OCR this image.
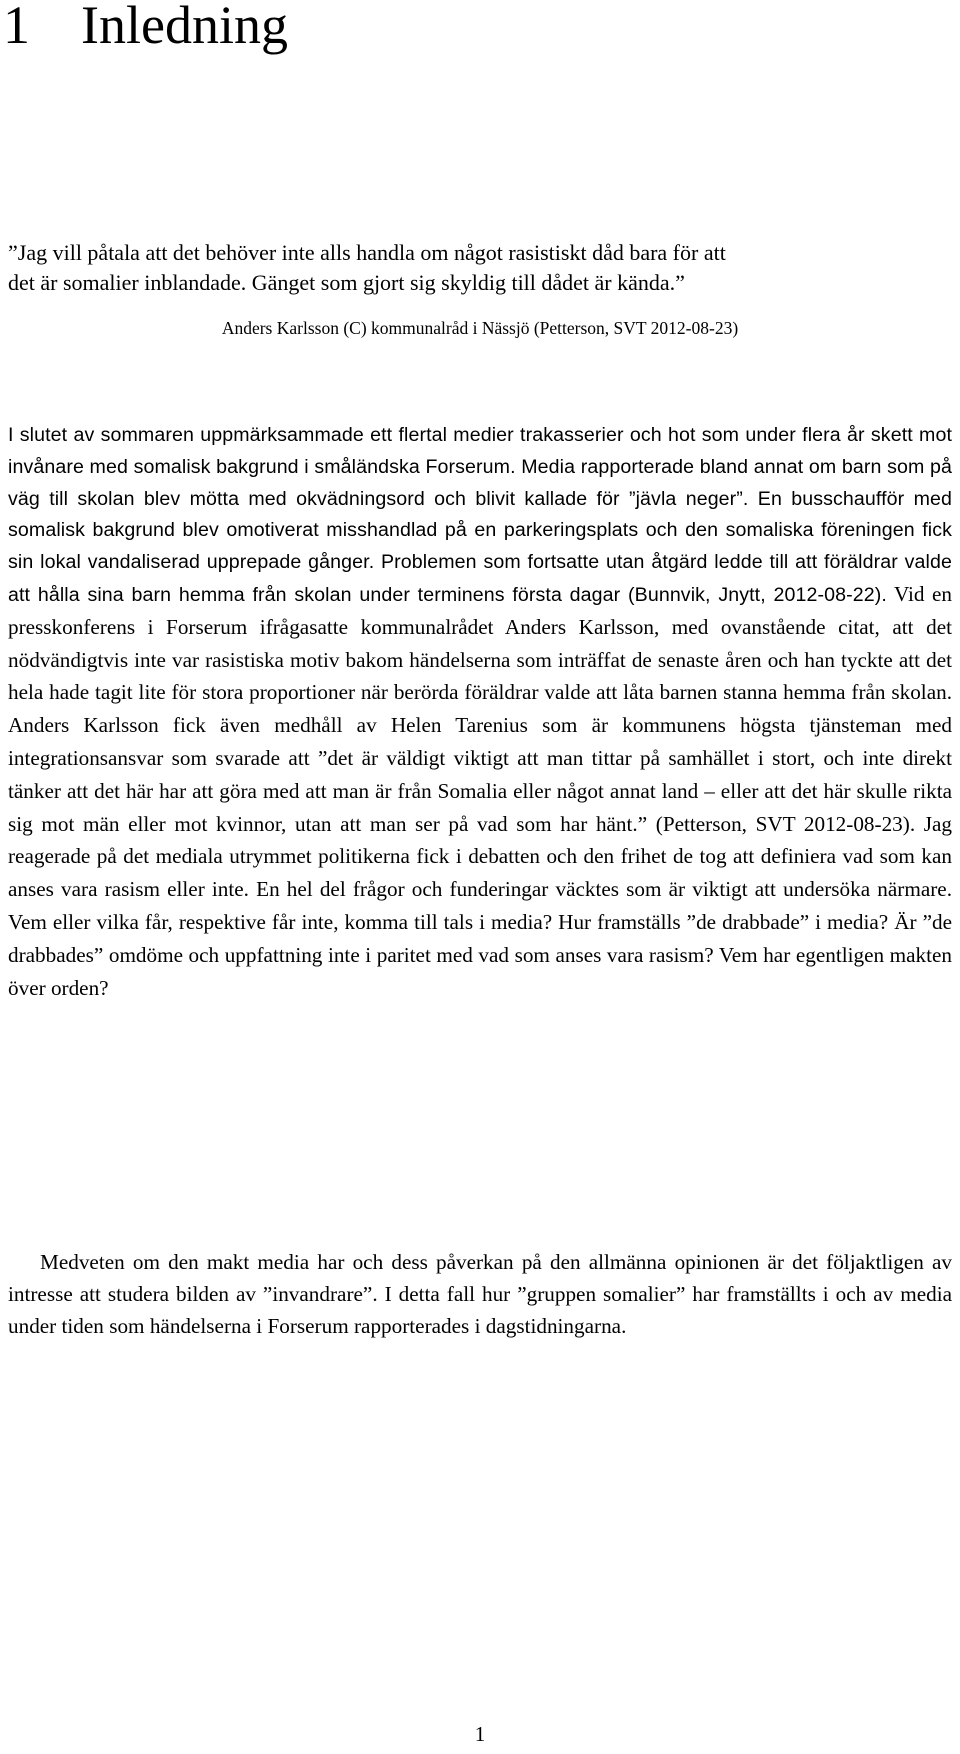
1 Inledning

”Jag vill påtala att det behöver inte alls handla om något rasistiskt dåd bara för att

det är somalier inblandade. Gänget som gjort sig skyldig till dådet är kända.”

Anders Karlsson (C) kommunalråd i Nässjö (Petterson, SVT 2012-08-23)

I slutet av sommaren uppmärksammade ett flertal medier trakasserier och hot som under flera år skett mot invånare med somalisk bakgrund i småländska Forserum. Media rapporterade bland annat om barn som på väg till skolan blev mötta med okvädningsord och blivit kallade för ”jävla neger”. En busschaufför med somalisk bakgrund blev omotiverat misshandlad på en parkeringsplats och den somaliska föreningen fick sin lokal vandaliserad upprepade gånger. Problemen som fortsatte utan åtgärd ledde till att föräldrar valde att hålla sina barn hemma från skolan under terminens första dagar (Bunnvik, Jnytt, 2012-08-22). Vid en presskonferens i Forserum ifrågasatte kommunalrådet Anders Karlsson, med ovanstående citat, att det nödvändigtvis inte var rasistiska motiv bakom händelserna som inträffat de senaste åren och han tyckte att det hela hade tagit lite för stora proportioner när berörda föräldrar valde att låta barnen stanna hemma från skolan. Anders Karlsson fick även medhåll av Helen Tarenius som är kommunens högsta tjänsteman med integrationsansvar som svarade att ”det är väldigt viktigt att man tittar på samhället i stort, och inte direkt tänker att det här har att göra med att man är från Somalia eller något annat land – eller att det här skulle rikta sig mot män eller mot kvinnor, utan att man ser på vad som har hänt.” (Petterson, SVT 2012-08-23). Jag reagerade på det mediala utrymmet politikerna fick i debatten och den frihet de tog att definiera vad som kan anses vara rasism eller inte. En hel del frågor och funderingar väcktes som är viktigt att undersöka närmare. Vem eller vilka får, respektive får inte, komma till tals i media? Hur framställs ”de drabbade” i media? Är ”de drabbades” omdöme och uppfattning inte i paritet med vad som anses vara rasism? Vem har egentligen makten över orden?

Medveten om den makt media har och dess påverkan på den allmänna opinionen är det följaktligen av intresse att studera bilden av ”invandrare”. I detta fall hur ”gruppen somalier” har framställts i och av media under tiden som händelserna i Forserum rapporterades i dagstidningarna.

1
